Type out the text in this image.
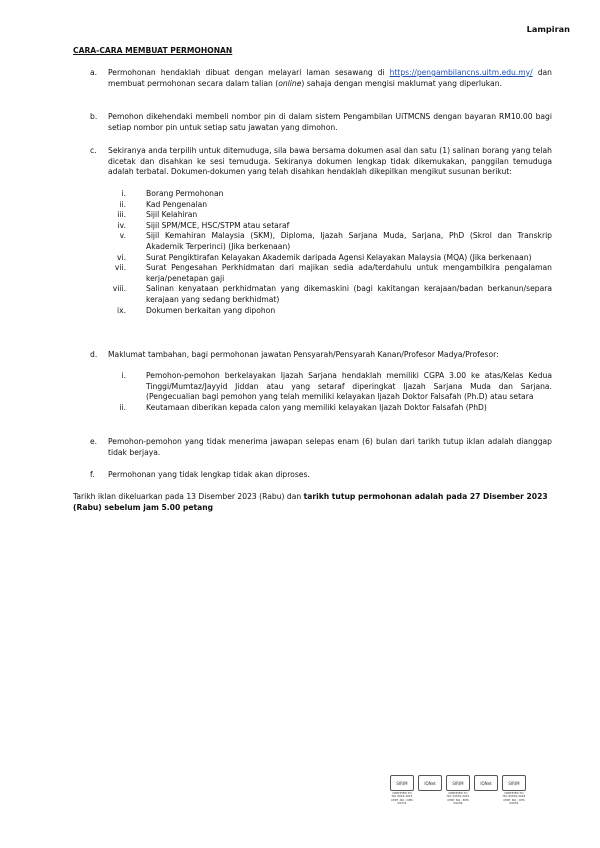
Lampiran
CARA-CARA MEMBUAT PERMOHONAN
a. Permohonan hendaklah dibuat dengan melayari laman sesawang di https://pengambilancns.uitm.edu.my/ dan membuat permohonan secara dalam talian (online) sahaja dengan mengisi maklumat yang diperlukan.
b. Pemohon dikehendaki membeli nombor pin di dalam sistem Pengambilan UiTMCNS dengan bayaran RM10.00 bagi setiap nombor pin untuk setiap satu jawatan yang dimohon.
c. Sekiranya anda terpilih untuk ditemuduga, sila bawa bersama dokumen asal dan satu (1) salinan borang yang telah dicetak dan disahkan ke sesi temuduga. Sekiranya dokumen lengkap tidak dikemukakan, panggilan temuduga adalah terbatal. Dokumen-dokumen yang telah disahkan hendaklah dikepilkan mengikut susunan berikut:
i.	Borang Permohonan
ii.	Kad Pengenalan
iii.	Sijil Kelahiran
iv.	Sijil SPM/MCE, HSC/STPM atau setaraf
v.	Sijil Kemahiran Malaysia (SKM), Diploma, Ijazah Sarjana Muda, Sarjana, PhD (Skrol dan Transkrip Akademik Terperinci) (Jika berkenaan)
vi.	Surat Pengiktirafan Kelayakan Akademik daripada Agensi Kelayakan Malaysia (MQA) (Jika berkenaan)
vii.	Surat Pengesahan Perkhidmatan dari majikan sedia ada/terdahulu untuk mengambilkira pengalaman kerja/penetapan gaji
viii.	Salinan kenyataan perkhidmatan yang dikemaskini (bagi kakitangan kerajaan/badan berkanun/separa kerajaan yang sedang berkhidmat)
ix.	Dokumen berkaitan yang dipohon
d. Maklumat tambahan, bagi permohonan jawatan Pensyarah/Pensyarah Kanan/Profesor Madya/Profesor:
i.	Pemohon-pemohon berkelayakan Ijazah Sarjana hendaklah memiliki CGPA 3.00 ke atas/Kelas Kedua Tinggi/Mumtaz/Jayyid Jiddan atau yang setaraf diperingkat Ijazah Sarjana Muda dan Sarjana. (Pengecualian bagi pemohon yang telah memiliki kelayakan Ijazah Doktor Falsafah (Ph.D) atau setara
ii.	Keutamaan diberikan kepada calon yang memiliki kelayakan Ijazah Doktor Falsafah (PhD)
e. Pemohon-pemohon yang tidak menerima jawapan selepas enam (6) bulan dari tarikh tutup iklan adalah dianggap tidak berjaya.
f. Permohonan yang tidak lengkap tidak akan diproses.
Tarikh iklan dikeluarkan pada 13 Disember 2023 (Rabu) dan tarikh tutup permohonan adalah pada 27 Disember 2023 (Rabu) sebelum jam 5.00 petang
SIRIM
CERTIFIED TO ISO 9001:2015 CERT. NO.: QMS 00374
IQNet	SIRIM
CERTIFIED TO ISO 14001:2015 CERT. NO.: EMS 00256
IQNet	SIRIM
CERTIFIED TO ISO 45001:2018 CERT. NO.: OHS 00055
